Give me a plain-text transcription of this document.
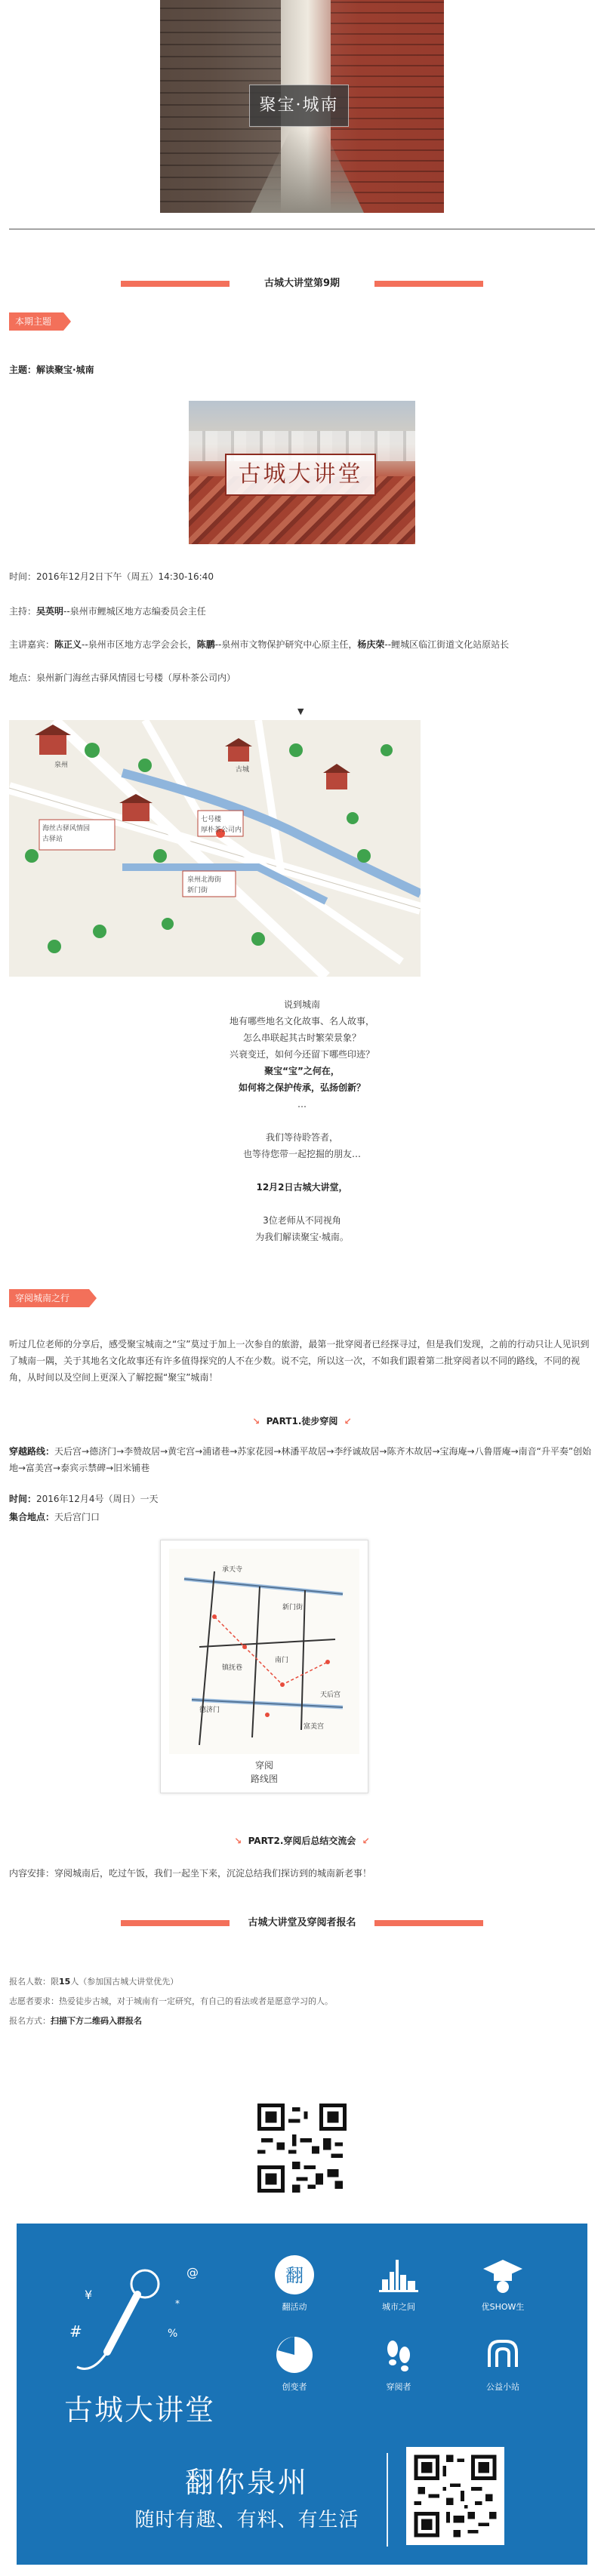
聚宝·城南
古城大讲堂第9期
本期主题
主题：解读聚宝·城南
古城大讲堂
时间：2016年12月2日下午（周五）14:30-16:40
主持：吴英明--泉州市鲤城区地方志编委员会主任
主讲嘉宾：陈正义--泉州市区地方志学会会长，陈鹏--泉州市文物保护研究中心原主任，杨庆荣--鲤城区临江街道文化站原站长
地点：泉州新门海丝古驿风情园七号楼（厚朴茶公司内）
▼
海丝古驿风情园
古驿站
七号楼
厚朴茶公司内
泉州北海街
新门街
泉州
古城
说到城南
地有哪些地名文化故事、名人故事，
怎么串联起其古时繁荣景象？
兴衰变迁，如何今还留下哪些印迹？
聚宝“宝”之何在，
如何将之保护传承，弘扬创新？
…
我们等待聆答者，
也等待您带一起挖掘的朋友…
12月2日古城大讲堂，
3位老师从不同视角
为我们解读聚宝·城南。
穿阅城南之行
听过几位老师的分享后，感受聚宝城南之“宝”莫过于加上一次参自的旅游，最第一批穿阅者已经探寻过，但是我们发现，之前的行动只让人见识到了城南一隅，关于其地名文化故事还有许多值得探究的人不在少数。说不完，所以这一次，不如我们跟着第二批穿阅者以不同的路线，不同的视角，从时间以及空间上更深入了解挖掘“聚宝”城南！
↘ PART1.徒步穿阅 ↙
穿越路线：天后宫→德济门→李赞故居→黄宅宫→浦诸巷→苏家花园→林潘平故居→李纾诚故居→陈齐木故居→宝海庵→八鲁厝庵→南音“升平奏”创始地→富美宫→泰宾示禁碑→旧米铺巷
时间：2016年12月4号（周日）一天
集合地点：天后宫门口
承天寺
新门街
天后宫
富美宫
德济门
南门
镇抚巷
穿阅
路线图
↘ PART2.穿阅后总结交流会 ↙
内容安排：穿阅城南后，吃过午饭，我们一起坐下来，沉淀总结我们探访到的城南新老事！
古城大讲堂及穿阅者报名
报名人数：限15人（参加国古城大讲堂优先）
志愿者要求：热爱徒步古城，对于城南有一定研究，有自己的看法或者是愿意学习的人。
报名方式：扫描下方二维码入群报名
#
¥
@
%
*
古城大讲堂
翻
翻活动	城市之间	优SHOW生
创变者	穿阅者	公益小站
翻你泉州
随时有趣、有料、有生活
